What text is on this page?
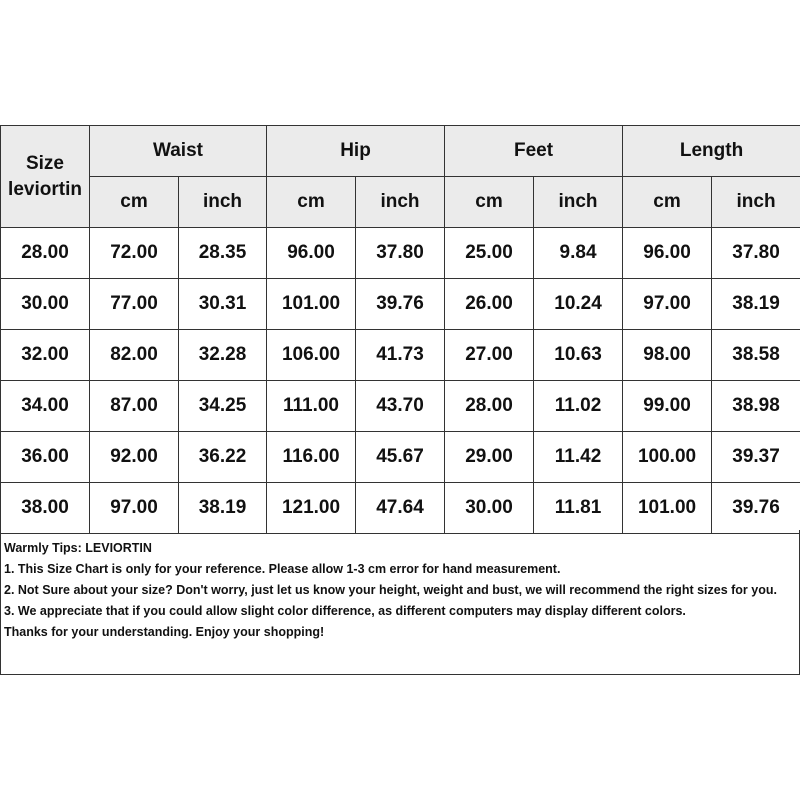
Size
leviortin	Waist		Hip		Feet		Length	
	cm	inch	cm	inch	cm	inch	cm	inch
28.00	72.00	28.35	96.00	37.80	25.00	9.84	96.00	37.80
30.00	77.00	30.31	101.00	39.76	26.00	10.24	97.00	38.19
32.00	82.00	32.28	106.00	41.73	27.00	10.63	98.00	38.58
34.00	87.00	34.25	111.00	43.70	28.00	11.02	99.00	38.98
36.00	92.00	36.22	116.00	45.67	29.00	11.42	100.00	39.37
38.00	97.00	38.19	121.00	47.64	30.00	11.81	101.00	39.76
Warmly Tips: LEVIORTIN
1. This Size Chart is only for your reference. Please allow 1-3 cm error for hand measurement.
2. Not Sure about your size? Don't worry, just let us know your height, weight and bust, we will recommend the right sizes for you.
3. We appreciate that if you could allow slight color difference, as different computers may display different colors.
Thanks for your understanding. Enjoy your shopping!
